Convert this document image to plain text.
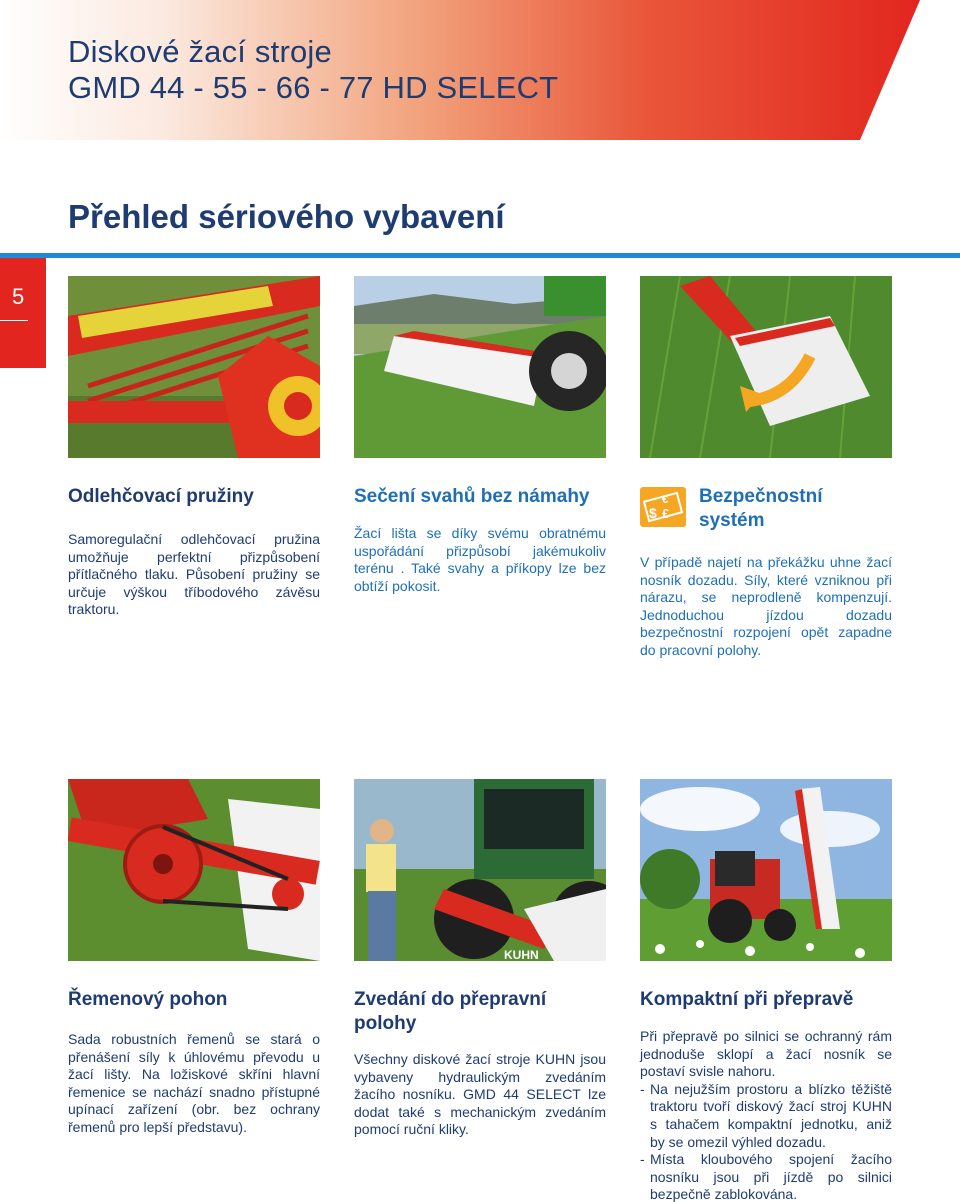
Diskové žací stroje
GMD 44 - 55 - 66 - 77 HD SELECT
Přehled sériového vybavení
5
Odlehčovací pružiny
Samoregulační odlehčovací pružina umožňuje perfektní přizpůsobení přítlačného tlaku. Působení pružiny se určuje výškou tříbodového závěsu traktoru.
Sečení svahů bez námahy
Žací lišta se díky svému obratnému uspořádání přizpůsobí jakémukoliv terénu . Také svahy a příkopy lze bez obtíží pokosit.
$ £
€ Bezpečnostní
systém
V případě najetí na překážku uhne žací nosník dozadu. Síly, které vzniknou při nárazu, se neprodleně kompenzují. Jednoduchou jízdou dozadu bezpečnostní rozpojení opět zapadne do pracovní polohy.
KUHN
Řemenový pohon
Sada robustních řemenů se stará o přenášení síly k úhlovému převodu u žací lišty. Na ložiskové skříni hlavní řemenice se nachází snadno přístupné upínací zařízení (obr. bez ochrany řemenů pro lepší představu).
Zvedání do přepravní
polohy
Všechny diskové žací stroje KUHN jsou vybaveny hydraulickým zvedáním žacího nosníku. GMD 44 SELECT lze dodat také s mechanickým zvedáním pomocí ruční kliky.
Kompaktní při přepravě
Při přepravě po silnici se ochranný rám jednoduše sklopí a žací nosník se postaví svisle nahoru.
- Na nejužším prostoru a blízko těžiště traktoru tvoří diskový žací stroj KUHN s tahačem kompaktní jednotku, aniž by se omezil výhled dozadu.
- Místa kloubového spojení žacího nosníku jsou při jízdě po silnici bezpečně zablokována.
